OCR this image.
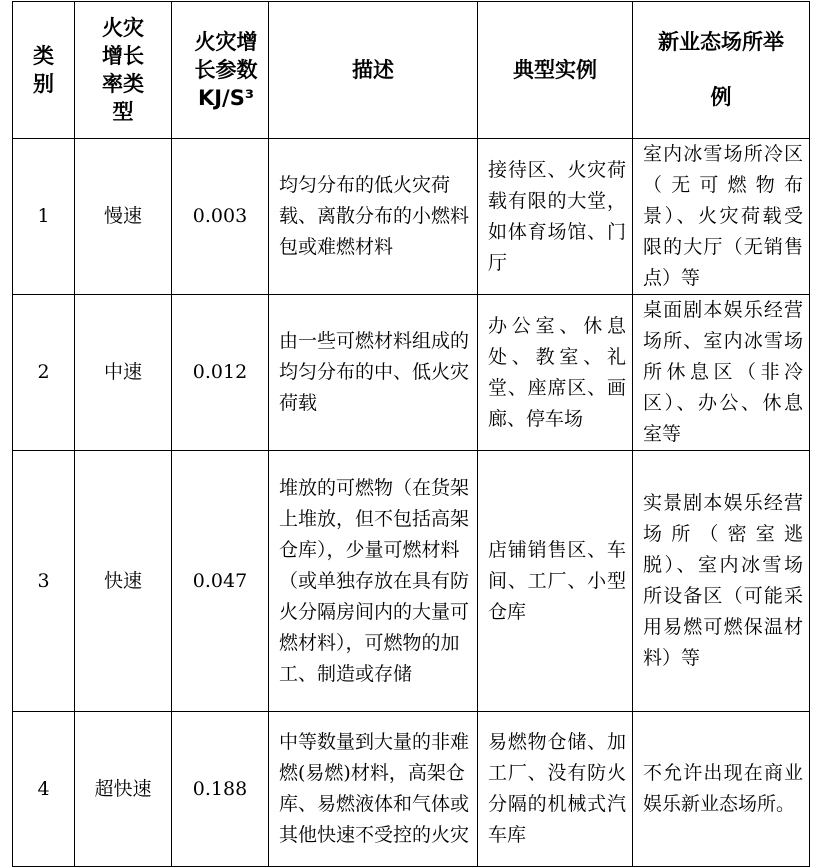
类别	火灾增长率类型	火灾增长参数KJ/S³	描述	典型实例	新业态场所举例
1	慢速	0.003	均匀分布的低火灾荷载、离散分布的小燃料包或难燃材料	接待区、火灾荷载有限的大堂，如体育场馆、门厅	室内冰雪场所冷区（无可燃物布景）、火灾荷载受限的大厅（无销售点）等
2	中速	0.012	由一些可燃材料组成的均匀分布的中、低火灾荷载	办公室、休息处、教室、礼堂、座席区、画廊、停车场	桌面剧本娱乐经营场所、室内冰雪场所休息区（非冷区）、办公、休息室等
3	快速	0.047	堆放的可燃物（在货架上堆放，但不包括高架仓库），少量可燃材料（或单独存放在具有防火分隔房间内的大量可燃材料），可燃物的加工、制造或存储	店铺销售区、车间、工厂、小型仓库	实景剧本娱乐经营场所（密室逃脱）、室内冰雪场所设备区（可能采用易燃可燃保温材料）等
4	超快速	0.188	中等数量到大量的非难燃(易燃)材料，高架仓库、易燃液体和气体或其他快速不受控的火灾	易燃物仓储、加工厂、没有防火分隔的机械式汽车库	不允许出现在商业娱乐新业态场所。
